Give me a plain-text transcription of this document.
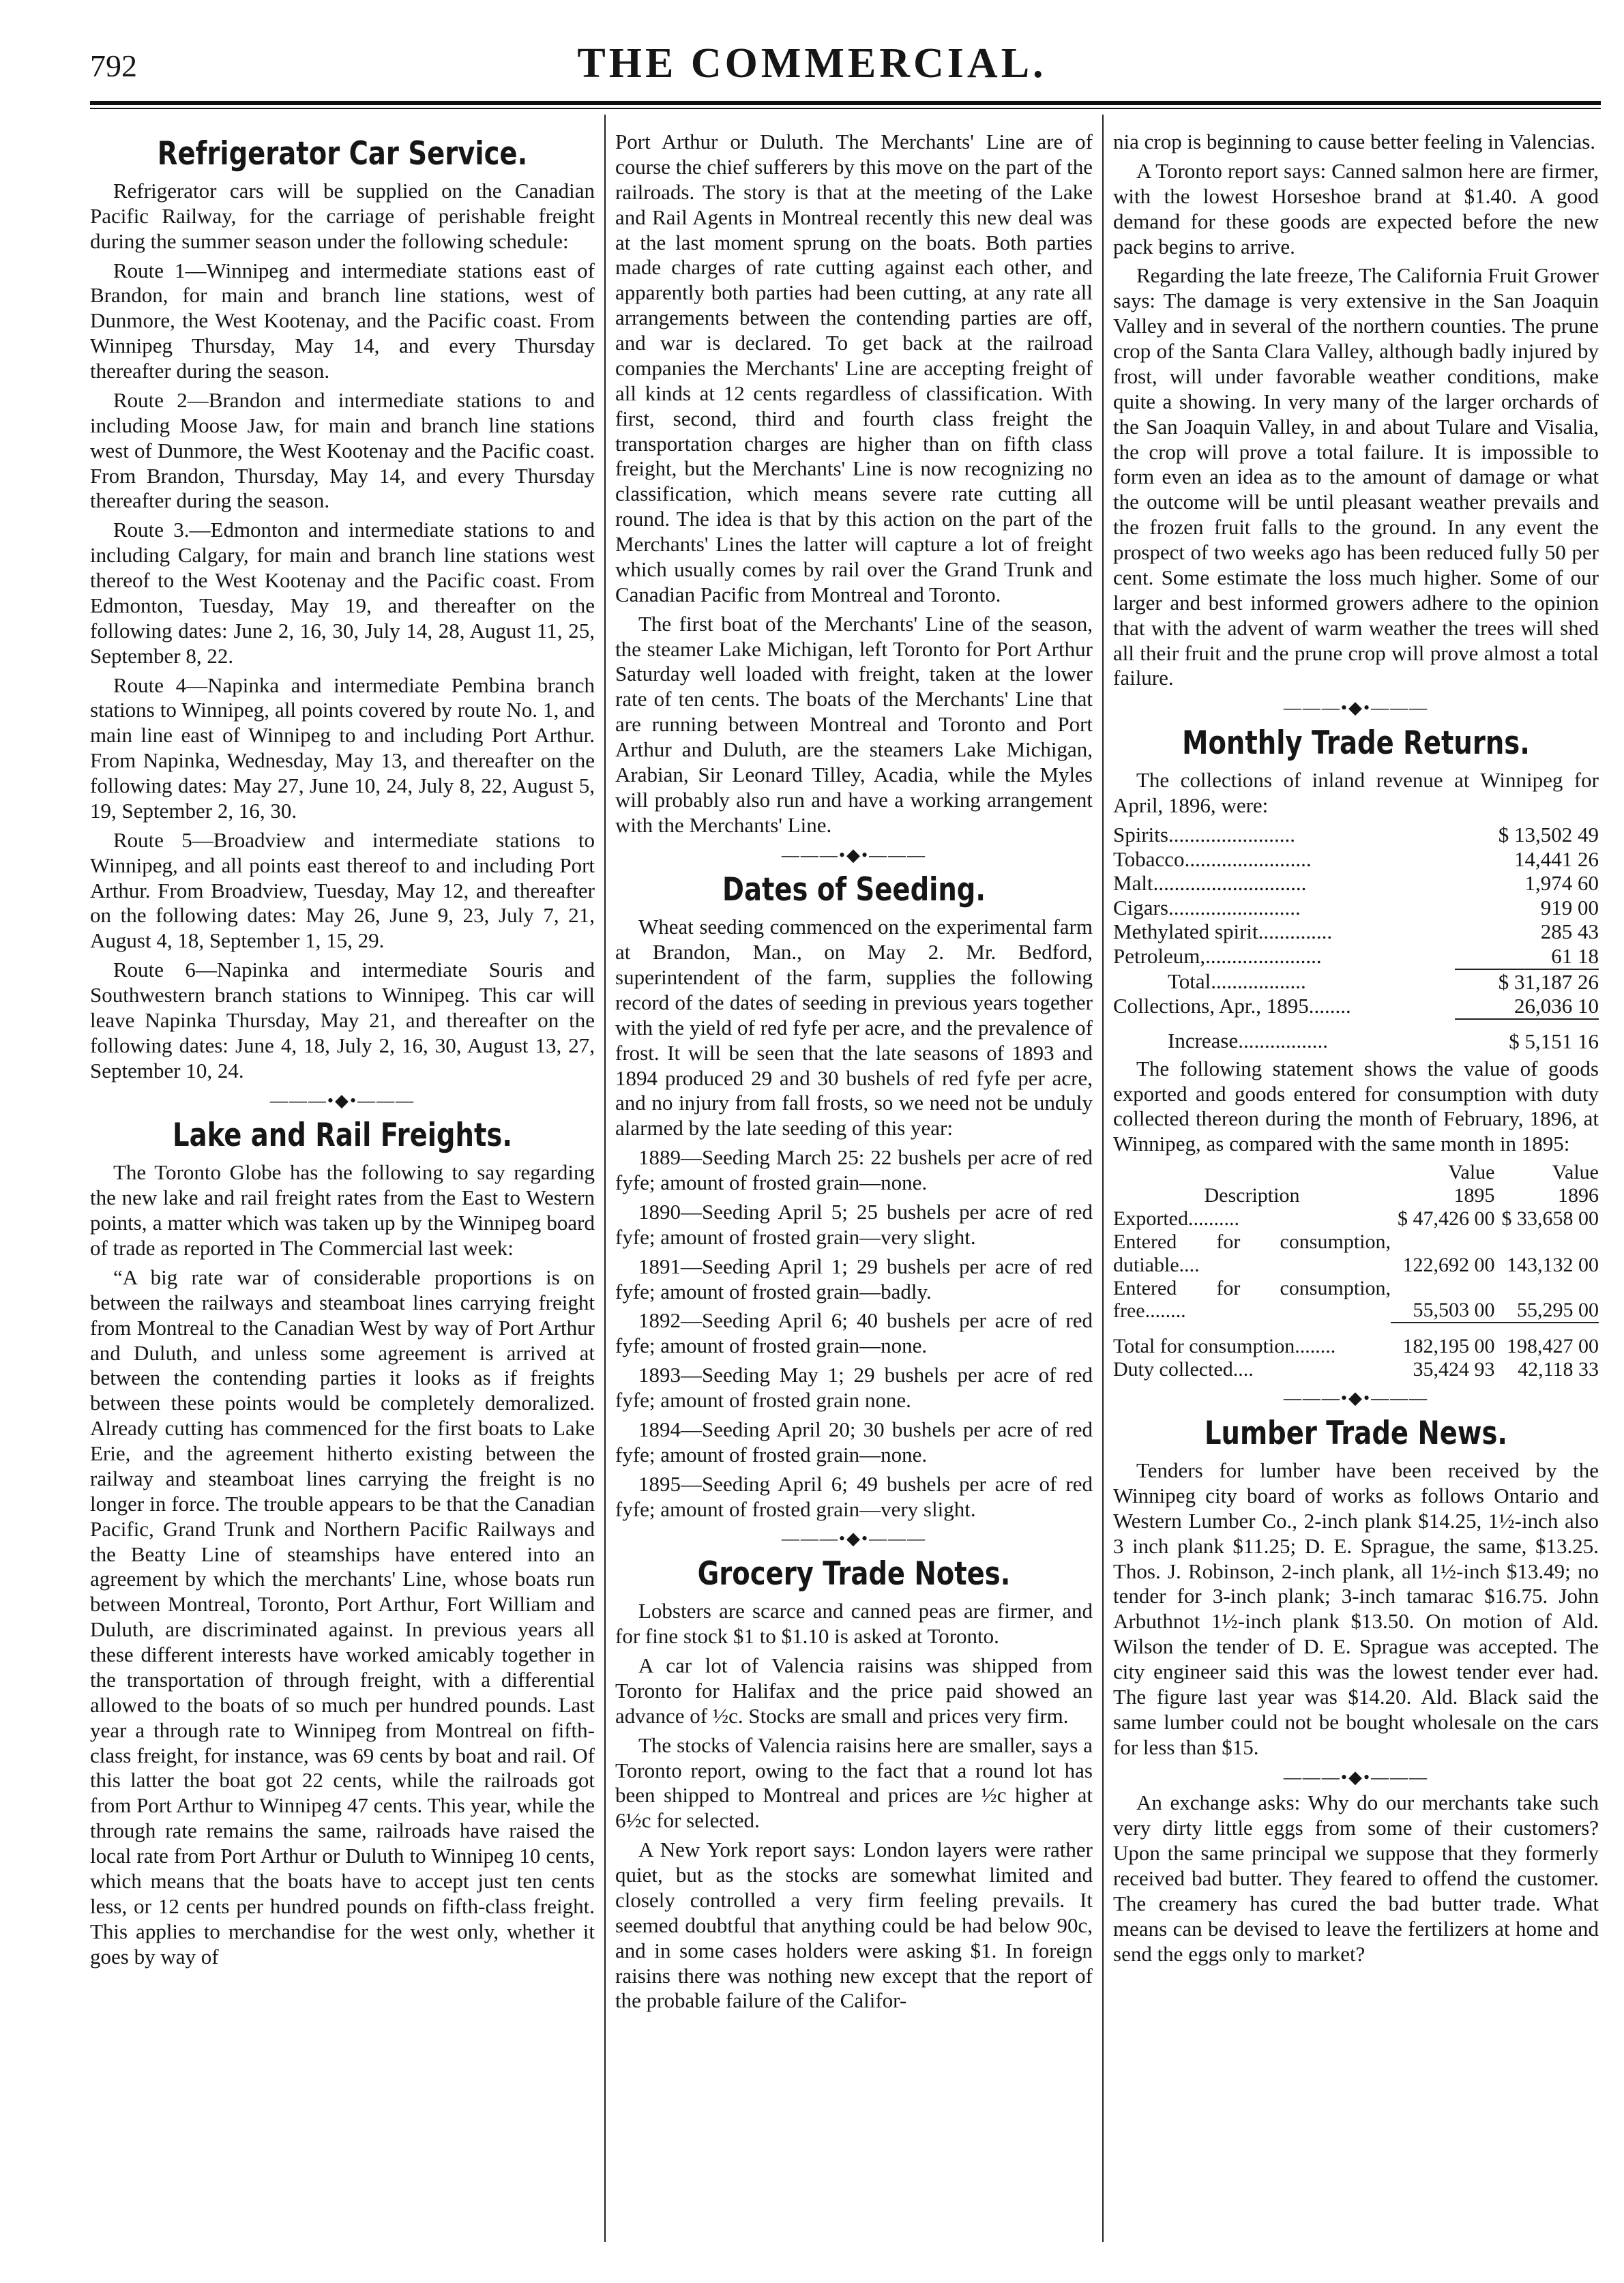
792	THE COMMERCIAL.
Refrigerator Car Service.

Refrigerator cars will be supplied on the Canadian Pacific Railway, for the carriage of perishable freight during the summer season under the following schedule:

Route 1—Winnipeg and intermediate stations east of Brandon, for main and branch line stations, west of Dunmore, the West Kootenay, and the Pacific coast. From Winnipeg Thursday, May 14, and every Thursday thereafter during the season.

Route 2—Brandon and intermediate stations to and including Moose Jaw, for main and branch line stations west of Dunmore, the West Kootenay and the Pacific coast. From Brandon, Thursday, May 14, and every Thursday thereafter during the season.

Route 3.—Edmonton and intermediate stations to and including Calgary, for main and branch line stations west thereof to the West Kootenay and the Pacific coast. From Edmonton, Tuesday, May 19, and thereafter on the following dates: June 2, 16, 30, July 14, 28, August 11, 25, September 8, 22.

Route 4—Napinka and intermediate Pembina branch stations to Winnipeg, all points covered by route No. 1, and main line east of Winnipeg to and including Port Arthur. From Napinka, Wednesday, May 13, and thereafter on the following dates: May 27, June 10, 24, July 8, 22, August 5, 19, September 2, 16, 30.

Route 5—Broadview and intermediate stations to Winnipeg, and all points east thereof to and including Port Arthur. From Broadview, Tuesday, May 12, and thereafter on the following dates: May 26, June 9, 23, July 7, 21, August 4, 18, September 1, 15, 29.

Route 6—Napinka and intermediate Souris and Southwestern branch stations to Winnipeg. This car will leave Napinka Thursday, May 21, and thereafter on the following dates: June 4, 18, July 2, 16, 30, August 13, 27, September 10, 24.

———•◆•———
Lake and Rail Freights.

The Toronto Globe has the following to say regarding the new lake and rail freight rates from the East to Western points, a matter which was taken up by the Winnipeg board of trade as reported in The Commercial last week:

“A big rate war of considerable proportions is on between the railways and steamboat lines carrying freight from Montreal to the Canadian West by way of Port Arthur and Duluth, and unless some agreement is arrived at between the contending parties it looks as if freights between these points would be completely demoralized. Already cutting has commenced for the first boats to Lake Erie, and the agreement hitherto existing between the railway and steamboat lines carrying the freight is no longer in force. The trouble appears to be that the Canadian Pacific, Grand Trunk and Northern Pacific Railways and the Beatty Line of steamships have entered into an agreement by which the merchants' Line, whose boats run between Montreal, Toronto, Port Arthur, Fort William and Duluth, are discriminated against. In previous years all these different interests have worked amicably together in the transportation of through freight, with a differential allowed to the boats of so much per hundred pounds. Last year a through rate to Winnipeg from Montreal on fifth-class freight, for instance, was 69 cents by boat and rail. Of this latter the boat got 22 cents, while the railroads got from Port Arthur to Winnipeg 47 cents. This year, while the through rate remains the same, railroads have raised the local rate from Port Arthur or Duluth to Winnipeg 10 cents, which means that the boats have to accept just ten cents less, or 12 cents per hundred pounds on fifth-class freight. This applies to merchandise for the west only, whether it goes by way of

Port Arthur or Duluth. The Merchants' Line are of course the chief sufferers by this move on the part of the railroads. The story is that at the meeting of the Lake and Rail Agents in Montreal recently this new deal was at the last moment sprung on the boats. Both parties made charges of rate cutting against each other, and apparently both parties had been cutting, at any rate all arrangements between the contending parties are off, and war is declared. To get back at the railroad companies the Merchants' Line are accepting freight of all kinds at 12 cents regardless of classification. With first, second, third and fourth class freight the transportation charges are higher than on fifth class freight, but the Merchants' Line is now recognizing no classification, which means severe rate cutting all round. The idea is that by this action on the part of the Merchants' Lines the latter will capture a lot of freight which usually comes by rail over the Grand Trunk and Canadian Pacific from Montreal and Toronto.

The first boat of the Merchants' Line of the season, the steamer Lake Michigan, left Toronto for Port Arthur Saturday well loaded with freight, taken at the lower rate of ten cents. The boats of the Merchants' Line that are running between Montreal and Toronto and Port Arthur and Duluth, are the steamers Lake Michigan, Arabian, Sir Leonard Tilley, Acadia, while the Myles will probably also run and have a working arrangement with the Merchants' Line.

———•◆•———
Dates of Seeding.

Wheat seeding commenced on the experimental farm at Brandon, Man., on May 2. Mr. Bedford, superintendent of the farm, supplies the following record of the dates of seeding in previous years together with the yield of red fyfe per acre, and the prevalence of frost. It will be seen that the late seasons of 1893 and 1894 produced 29 and 30 bushels of red fyfe per acre, and no injury from fall frosts, so we need not be unduly alarmed by the late seeding of this year:

1889—Seeding March 25: 22 bushels per acre of red fyfe; amount of frosted grain—none.

1890—Seeding April 5; 25 bushels per acre of red fyfe; amount of frosted grain—very slight.

1891—Seeding April 1; 29 bushels per acre of red fyfe; amount of frosted grain—badly.

1892—Seeding April 6; 40 bushels per acre of red fyfe; amount of frosted grain—none.

1893—Seeding May 1; 29 bushels per acre of red fyfe; amount of frosted grain none.

1894—Seeding April 20; 30 bushels per acre of red fyfe; amount of frosted grain—none.

1895—Seeding April 6; 49 bushels per acre of red fyfe; amount of frosted grain—very slight.

———•◆•———
Grocery Trade Notes.

Lobsters are scarce and canned peas are firmer, and for fine stock $1 to $1.10 is asked at Toronto.

A car lot of Valencia raisins was shipped from Toronto for Halifax and the price paid showed an advance of ½c. Stocks are small and prices very firm.

The stocks of Valencia raisins here are smaller, says a Toronto report, owing to the fact that a round lot has been shipped to Montreal and prices are ½c higher at 6½c for selected.

A New York report says: London layers were rather quiet, but as the stocks are somewhat limited and closely controlled a very firm feeling prevails. It seemed doubtful that anything could be had below 90c, and in some cases holders were asking $1. In foreign raisins there was nothing new except that the report of the probable failure of the Califor-

nia crop is beginning to cause better feeling in Valencias.

A Toronto report says: Canned salmon here are firmer, with the lowest Horseshoe brand at $1.40. A good demand for these goods are expected before the new pack begins to arrive.

Regarding the late freeze, The California Fruit Grower says: The damage is very extensive in the San Joaquin Valley and in several of the northern counties. The prune crop of the Santa Clara Valley, although badly injured by frost, will under favorable weather conditions, make quite a showing. In very many of the larger orchards of the San Joaquin Valley, in and about Tulare and Visalia, the crop will prove a total failure. It is impossible to form even an idea as to the amount of damage or what the outcome will be until pleasant weather prevails and the frozen fruit falls to the ground. In any event the prospect of two weeks ago has been reduced fully 50 per cent. Some estimate the loss much higher. Some of our larger and best informed growers adhere to the opinion that with the advent of warm weather the trees will shed all their fruit and the prune crop will prove almost a total failure.

———•◆•———
Monthly Trade Returns.

The collections of inland revenue at Winnipeg for April, 1896, were:

Spirits........................	$ 13,502 49
Tobacco........................	14,441 26
Malt.............................	1,974 60
Cigars.........................	919 00
Methylated spirit..............	285 43
Petroleum,......................	61 18
Total..................	$ 31,187 26
Collections, Apr., 1895........	26,036 10
Increase.................	$ 5,151 16

The following statement shows the value of goods exported and goods entered for consumption with duty collected thereon during the month of February, 1896, at Winnipeg, as compared with the same month in 1895:

	Value	Value
Description	1895	1896
Exported..........	$ 47,426 00	$ 33,658 00
Entered for consumption, dutiable....	122,692 00	143,132 00
Entered for consumption, free........	55,503 00	55,295 00
Total for consumption........	182,195 00	198,427 00
Duty collected....	35,424 93	42,118 33
———•◆•———
Lumber Trade News.

Tenders for lumber have been received by the Winnipeg city board of works as follows Ontario and Western Lumber Co., 2-inch plank $14.25, 1½-inch also 3 inch plank $11.25; D. E. Sprague, the same, $13.25. Thos. J. Robinson, 2-inch plank, all 1½-inch $13.49; no tender for 3-inch plank; 3-inch tamarac $16.75. John Arbuthnot 1½-inch plank $13.50. On motion of Ald. Wilson the tender of D. E. Sprague was accepted. The city engineer said this was the lowest tender ever had. The figure last year was $14.20. Ald. Black said the same lumber could not be bought wholesale on the cars for less than $15.

———•◆•———

An exchange asks: Why do our merchants take such very dirty little eggs from some of their customers? Upon the same principal we suppose that they formerly received bad butter. They feared to offend the customer. The creamery has cured the bad butter trade. What means can be devised to leave the fertilizers at home and send the eggs only to market?
